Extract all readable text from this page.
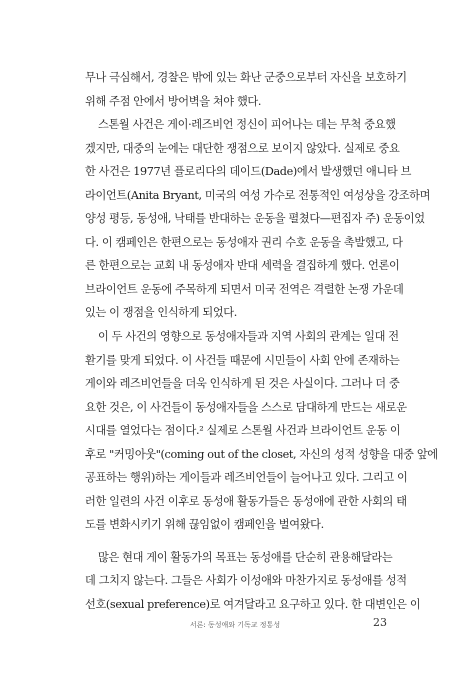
무나 극심해서, 경찰은 밖에 있는 화난 군중으로부터 자신을 보호하기
위해 주점 안에서 방어벽을 쳐야 했다.
스톤월 사건은 게이·레즈비언 정신이 피어나는 데는 무척 중요했
겠지만, 대중의 눈에는 대단한 쟁점으로 보이지 않았다. 실제로 중요
한 사건은 1977년 플로리다의 데이드(Dade)에서 발생했던 애니타 브
라이언트(Anita Bryant, 미국의 여성 가수로 전통적인 여성상을 강조하며
양성 평등, 동성애, 낙태를 반대하는 운동을 펼쳤다—편집자 주) 운동이었
다. 이 캠페인은 한편으로는 동성애자 권리 수호 운동을 촉발했고, 다
른 한편으로는 교회 내 동성애자 반대 세력을 결집하게 했다. 언론이
브라이언트 운동에 주목하게 되면서 미국 전역은 격렬한 논쟁 가운데
있는 이 쟁점을 인식하게 되었다.
이 두 사건의 영향으로 동성애자들과 지역 사회의 관계는 일대 전
환기를 맞게 되었다. 이 사건들 때문에 시민들이 사회 안에 존재하는
게이와 레즈비언들을 더욱 인식하게 된 것은 사실이다. 그러나 더 중
요한 것은, 이 사건들이 동성애자들을 스스로 담대하게 만드는 새로운
시대를 열었다는 점이다.² 실제로 스톤월 사건과 브라이언트 운동 이
후로 "커밍아웃"(coming out of the closet, 자신의 성적 성향을 대중 앞에
공표하는 행위)하는 게이들과 레즈비언들이 늘어나고 있다. 그리고 이
러한 일련의 사건 이후로 동성애 활동가들은 동성애에 관한 사회의 태
도를 변화시키기 위해 끊임없이 캠페인을 벌여왔다.
많은 현대 게이 활동가의 목표는 동성애를 단순히 관용해달라는
데 그치지 않는다. 그들은 사회가 이성애와 마찬가지로 동성애를 성적
선호(sexual preference)로 여겨달라고 요구하고 있다. 한 대변인은 이
서론: 동성애와 기독교 정통성	23
